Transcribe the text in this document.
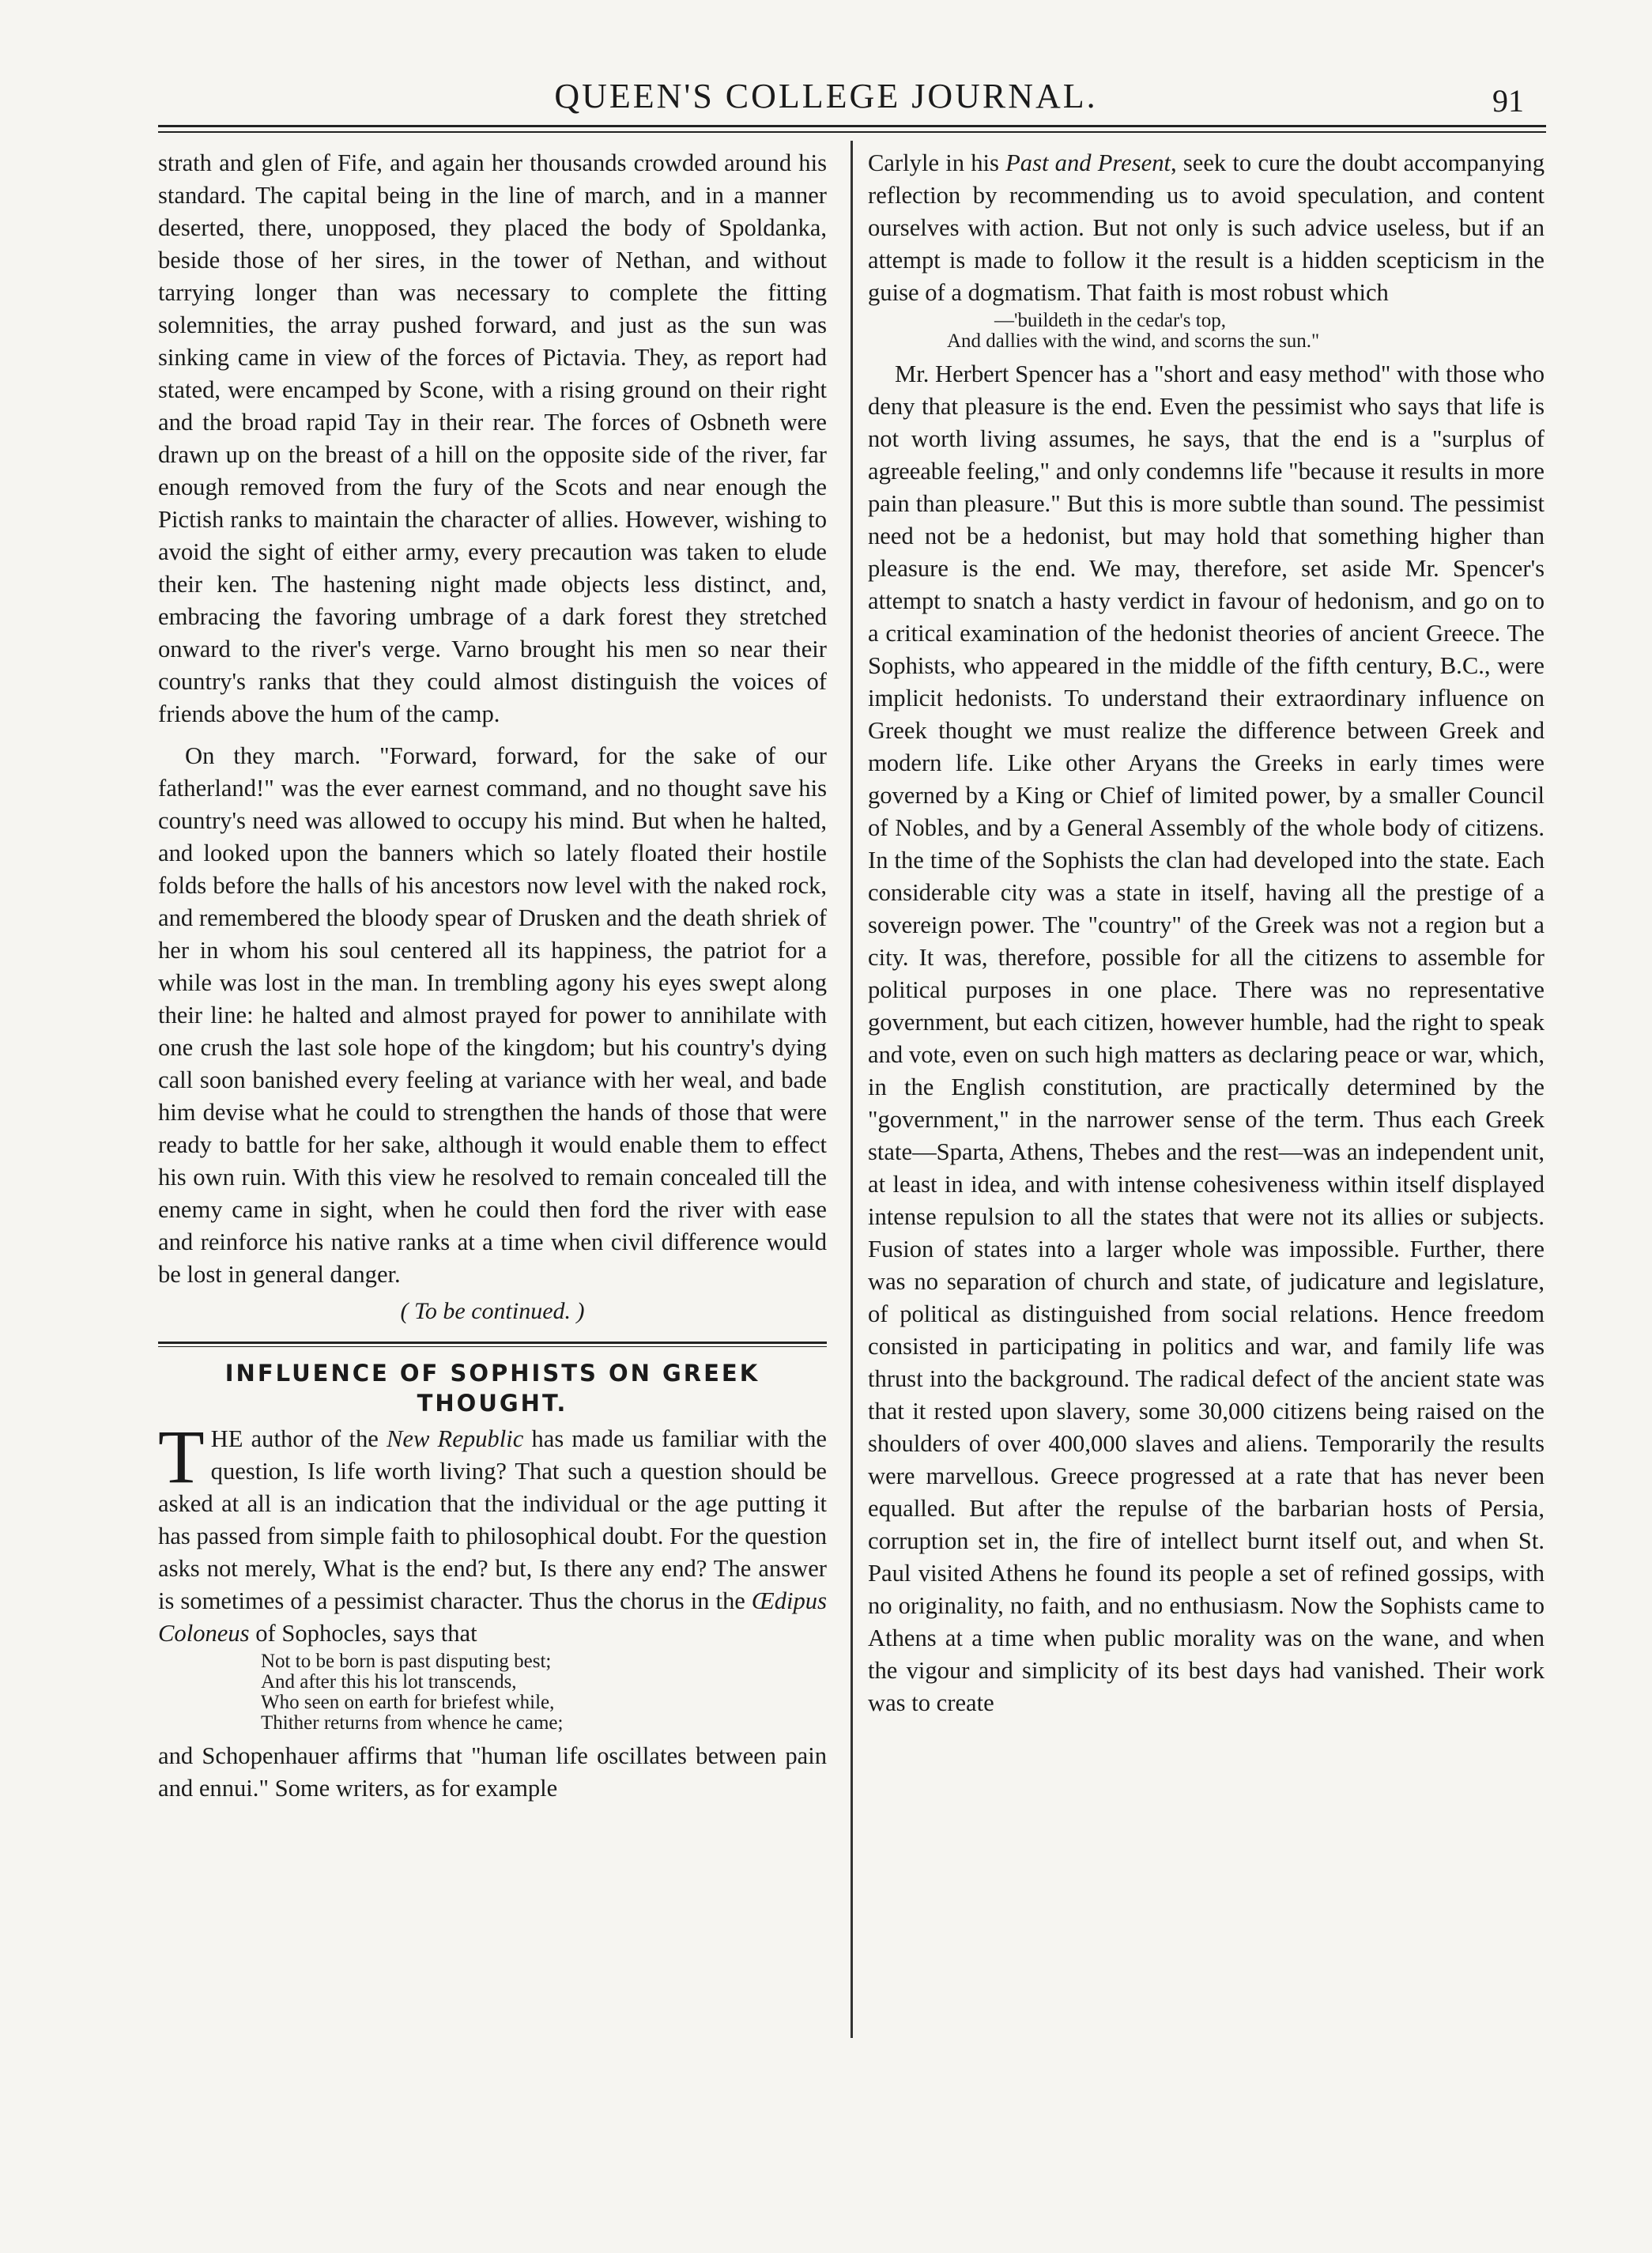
QUEEN'S COLLEGE JOURNAL.	91

strath and glen of Fife, and again her thousands crowded around his standard. The capital being in the line of march, and in a manner deserted, there, unopposed, they placed the body of Spoldanka, beside those of her sires, in the tower of Nethan, and without tarrying longer than was necessary to complete the fitting solemnities, the array pushed forward, and just as the sun was sinking came in view of the forces of Pictavia. They, as report had stated, were encamped by Scone, with a rising ground on their right and the broad rapid Tay in their rear. The forces of Osbneth were drawn up on the breast of a hill on the opposite side of the river, far enough removed from the fury of the Scots and near enough the Pictish ranks to maintain the character of allies. However, wishing to avoid the sight of either army, every precaution was taken to elude their ken. The hastening night made objects less distinct, and, embracing the favoring umbrage of a dark forest they stretched onward to the river's verge. Varno brought his men so near their country's ranks that they could almost distinguish the voices of friends above the hum of the camp.

On they march. "Forward, forward, for the sake of our fatherland!" was the ever earnest command, and no thought save his country's need was allowed to occupy his mind. But when he halted, and looked upon the banners which so lately floated their hostile folds before the halls of his ancestors now level with the naked rock, and remembered the bloody spear of Drusken and the death shriek of her in whom his soul centered all its happiness, the patriot for a while was lost in the man. In trembling agony his eyes swept along their line: he halted and almost prayed for power to annihilate with one crush the last sole hope of the kingdom; but his country's dying call soon banished every feeling at variance with her weal, and bade him devise what he could to strengthen the hands of those that were ready to battle for her sake, although it would enable them to effect his own ruin. With this view he resolved to remain concealed till the enemy came in sight, when he could then ford the river with ease and reinforce his native ranks at a time when civil difference would be lost in general danger.

( To be continued. )
INFLUENCE OF SOPHISTS ON GREEK THOUGHT.

THE author of the New Republic has made us familiar with the question, Is life worth living? That such a question should be asked at all is an indication that the individual or the age putting it has passed from simple faith to philosophical doubt. For the question asks not merely, What is the end? but, Is there any end? The answer is sometimes of a pessimist character. Thus the chorus in the Œdipus Coloneus of Sophocles, says that

Not to be born is past disputing best;
And after this his lot transcends,
Who seen on earth for briefest while,
Thither returns from whence he came;

and Schopenhauer affirms that "human life oscillates between pain and ennui." Some writers, as for example

Carlyle in his Past and Present, seek to cure the doubt accompanying reflection by recommending us to avoid speculation, and content ourselves with action. But not only is such advice useless, but if an attempt is made to follow it the result is a hidden scepticism in the guise of a dogmatism. That faith is most robust which

—'buildeth in the cedar's top,
And dallies with the wind, and scorns the sun."

Mr. Herbert Spencer has a "short and easy method" with those who deny that pleasure is the end. Even the pessimist who says that life is not worth living assumes, he says, that the end is a "surplus of agreeable feeling," and only condemns life "because it results in more pain than pleasure." But this is more subtle than sound. The pessimist need not be a hedonist, but may hold that something higher than pleasure is the end. We may, therefore, set aside Mr. Spencer's attempt to snatch a hasty verdict in favour of hedonism, and go on to a critical examination of the hedonist theories of ancient Greece. The Sophists, who appeared in the middle of the fifth century, B.C., were implicit hedonists. To understand their extraordinary influence on Greek thought we must realize the difference between Greek and modern life. Like other Aryans the Greeks in early times were governed by a King or Chief of limited power, by a smaller Council of Nobles, and by a General Assembly of the whole body of citizens. In the time of the Sophists the clan had developed into the state. Each considerable city was a state in itself, having all the prestige of a sovereign power. The "country" of the Greek was not a region but a city. It was, therefore, possible for all the citizens to assemble for political purposes in one place. There was no representative government, but each citizen, however humble, had the right to speak and vote, even on such high matters as declaring peace or war, which, in the English constitution, are practically determined by the "government," in the narrower sense of the term. Thus each Greek state—Sparta, Athens, Thebes and the rest—was an independent unit, at least in idea, and with intense cohesiveness within itself displayed intense repulsion to all the states that were not its allies or subjects. Fusion of states into a larger whole was impossible. Further, there was no separation of church and state, of judicature and legislature, of political as distinguished from social relations. Hence freedom consisted in participating in politics and war, and family life was thrust into the background. The radical defect of the ancient state was that it rested upon slavery, some 30,000 citizens being raised on the shoulders of over 400,000 slaves and aliens. Temporarily the results were marvellous. Greece progressed at a rate that has never been equalled. But after the repulse of the barbarian hosts of Persia, corruption set in, the fire of intellect burnt itself out, and when St. Paul visited Athens he found its people a set of refined gossips, with no originality, no faith, and no enthusiasm. Now the Sophists came to Athens at a time when public morality was on the wane, and when the vigour and simplicity of its best days had vanished. Their work was to create
